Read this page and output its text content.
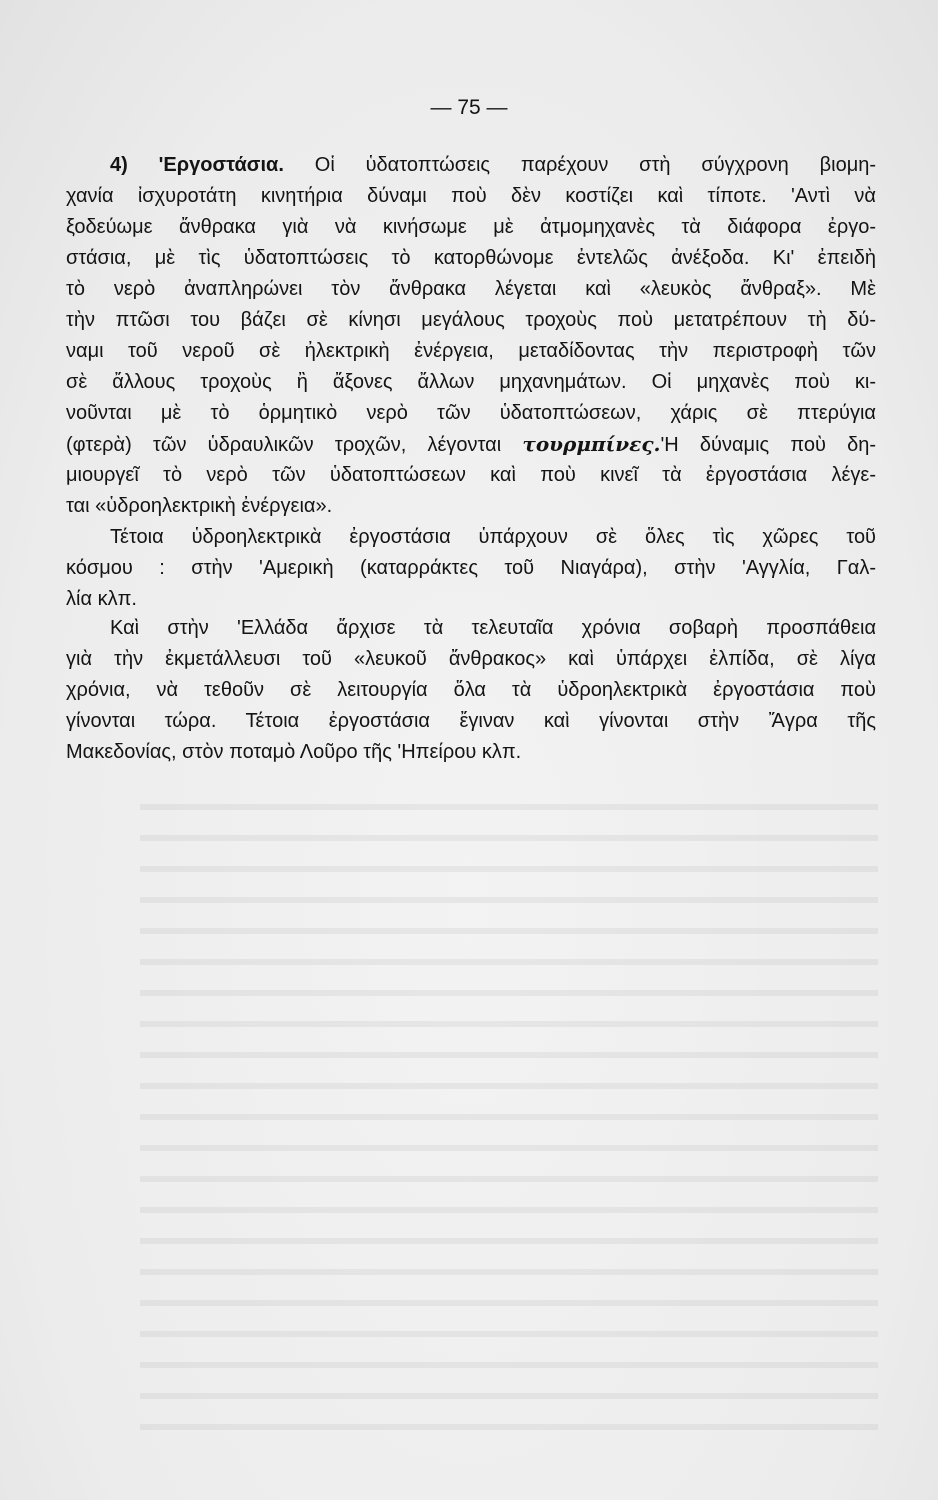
— 75 —
4) 'Εργοστάσια. Οἱ ὑδατοπτώσεις παρέχουν στὴ σύγχρονη βιομη-
χανία ἰσχυροτάτη κινητήρια δύναμι ποὺ δὲν κοστίζει καὶ τίποτε. 'Αντὶ νὰ
ξοδεύωμε ἄνθρακα γιὰ νὰ κινήσωμε μὲ ἀτμομηχανὲς τὰ διάφορα ἐργο-
στάσια, μὲ τὶς ὑδατοπτώσεις τὸ κατορθώνομε ἐντελῶς ἀνέξοδα. Κι' ἐπειδὴ
τὸ νερὸ ἀναπληρώνει τὸν ἄνθρακα λέγεται καὶ «λευκὸς ἄνθραξ». Μὲ
τὴν πτῶσι του βάζει σὲ κίνησι μεγάλους τροχοὺς ποὺ μετατρέπουν τὴ δύ-
ναμι τοῦ νεροῦ σὲ ἠλεκτρικὴ ἐνέργεια, μεταδίδοντας τὴν περιστροφὴ τῶν
σὲ ἄλλους τροχοὺς ἢ ἄξονες ἄλλων μηχανημάτων. Οἱ μηχανὲς ποὺ κι-
νοῦνται μὲ τὸ ὁρμητικὸ νερὸ τῶν ὑδατοπτώσεων, χάρις σὲ πτερύγια
(φτερὰ) τῶν ὑδραυλικῶν τροχῶν, λέγονται τουρμπίνες.'Η δύναμις ποὺ δη-
μιουργεῖ τὸ νερὸ τῶν ὑδατοπτώσεων καὶ ποὺ κινεῖ τὰ ἐργοστάσια λέγε-
ται «ὑδροηλεκτρικὴ ἐνέργεια».
Τέτοια ὑδροηλεκτρικὰ ἐργοστάσια ὑπάρχουν σὲ ὅλες τὶς χῶρες τοῦ
κόσμου : στὴν 'Αμερικὴ (καταρράκτες τοῦ Νιαγάρα), στὴν 'Αγγλία, Γαλ-
λία κλπ.
Καὶ στὴν 'Ελλάδα ἄρχισε τὰ τελευταῖα χρόνια σοβαρὴ προσπάθεια
γιὰ τὴν ἐκμετάλλευσι τοῦ «λευκοῦ ἄνθρακος» καὶ ὑπάρχει ἐλπίδα, σὲ λίγα
χρόνια, νὰ τεθοῦν σὲ λειτουργία ὅλα τὰ ὑδροηλεκτρικὰ ἐργοστάσια ποὺ
γίνονται τώρα. Τέτοια ἐργοστάσια ἔγιναν καὶ γίνονται στὴν Ἄγρα τῆς
Μακεδονίας, στὸν ποταμὸ Λοῦρο τῆς 'Ηπείρου κλπ.
